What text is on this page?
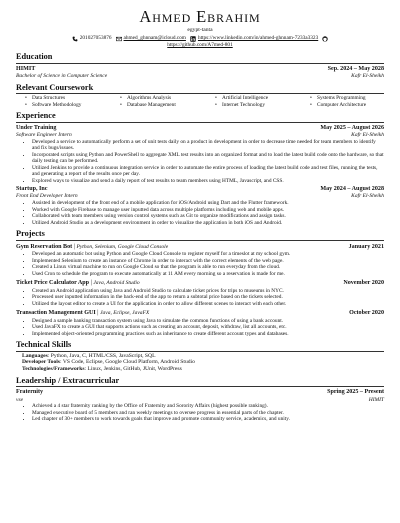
Ahmed Ebrahim
egypt-tanta
201027053876 ahmed_ghnnam@icloud.com https://www.linkedin.com/in/ahmed-ghnnam-7233a3323
https://github.com/A7med-801
Education
HIMIT	Sep. 2024 – May 2028
Bachelor of Science in Computer Science	Kafr El-Sheikh
Relevant Coursework
• Data Structures	• Algorithms Analysis	• Artificial Intelligence	• Systems Programming
• Software Methodology	• Database Management	• Internet Technology	• Computer Architecture
Experience
Under Training	May 2025 – August 2026
Software Engineer Intern	Kafr El-Sheikh
• Developed a service to automatically perform a set of unit tests daily on a product in development in order to decrease time needed for team members to identify and fix bugs/issues.
• Incorporated scripts using Python and PowerShell to aggregate XML test results into an organized format and to load the latest build code onto the hardware, so that daily testing can be performed.
• Utilized Jenkins to provide a continuous integration service in order to automate the entire process of loading the latest build code and test files, running the tests, and generating a report of the results once per day.
• Explored ways to visualize and send a daily report of test results to team members using HTML, Javascript, and CSS.
Startup, Inc	May 2024 – August 2028
Front End Developer Intern	Kafr El-Sheikh
• Assisted in development of the front end of a mobile application for iOS/Android using Dart and the Flutter framework.
• Worked with Google Firebase to manage user inputted data across multiple platforms including web and mobile apps.
• Collaborated with team members using version control systems such as Git to organize modifications and assign tasks.
• Utilized Android Studio as a development environment in order to visualize the application in both iOS and Android.
Projects
Gym Reservation Bot | Python, Selenium, Google Cloud Console	January 2021
• Developed an automatic bot using Python and Google Cloud Console to register myself for a timeslot at my school gym.
• Implemented Selenium to create an instance of Chrome in order to interact with the correct elements of the web page.
• Created a Linux virtual machine to run on Google Cloud so that the program is able to run everyday from the cloud.
• Used Cron to schedule the program to execute automatically at 11 AM every morning so a reservation is made for me.
Ticket Price Calculator App | Java, Android Studio	November 2020
• Created an Android application using Java and Android Studio to calculate ticket prices for trips to museums in NYC.
• Processed user inputted information in the back-end of the app to return a subtotal price based on the tickets selected.
• Utilized the layout editor to create a UI for the application in order to allow different scenes to interact with each other.
Transaction Management GUI | Java, Eclipse, JavaFX	October 2020
• Designed a sample banking transaction system using Java to simulate the common functions of using a bank account.
• Used JavaFX to create a GUI that supports actions such as creating an account, deposit, withdraw, list all accounts, etc.
• Implemented object-oriented programming practices such as inheritance to create different account types and databases.
Technical Skills
Languages: Python, Java, C, HTML/CSS, JavaScript, SQL
Developer Tools: VS Code, Eclipse, Google Cloud Platform, Android Studio
Technologies/Frameworks: Linux, Jenkins, GitHub, JUnit, WordPress
Leadership / Extracurricular
Fraternity	Spring 2025 – Present
vse	HIMIT
• Achieved a 4 star fraternity ranking by the Office of Fraternity and Sorority Affairs (highest possible ranking).
• Managed executive board of 5 members and ran weekly meetings to oversee progress in essential parts of the chapter.
• Led chapter of 30+ members to work towards goals that improve and promote community service, academics, and unity.
